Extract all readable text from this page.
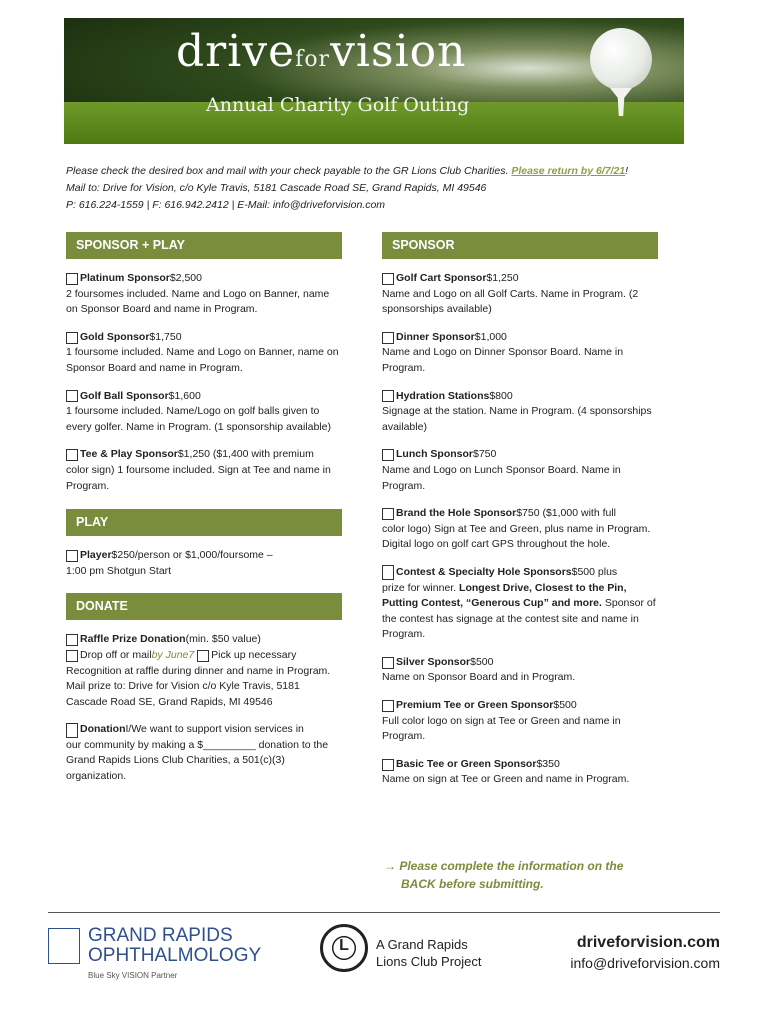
driveforvision
Annual Charity Golf Outing
Please check the desired box and mail with your check payable to the GR Lions Club Charities. Please return by 6/7/21!
Mail to: Drive for Vision, c/o Kyle Travis, 5181 Cascade Road SE, Grand Rapids, MI 49546
P: 616.224-1559 | F: 616.942.2412 | E-Mail: info@driveforvision.com
SPONSOR + PLAY
Platinum Sponsor $2,500
2 foursomes included. Name and Logo on Banner, name on Sponsor Board and name in Program.
Gold Sponsor $1,750
1 foursome included. Name and Logo on Banner, name on Sponsor Board and name in Program.
Golf Ball Sponsor $1,600
1 foursome included. Name/Logo on golf balls given to every golfer. Name in Program. (1 sponsorship available)
Tee & Play Sponsor $1,250 ($1,400 with premium
color sign) 1 foursome included. Sign at Tee and name in Program.
PLAY
Player $250/person or $1,000/foursome –
1:00 pm Shotgun Start
DONATE
Raffle Prize Donation (min. $50 value)
Drop off or mail by June7
Pick up necessary
Recognition at raffle during dinner and name in Program. Mail prize to: Drive for Vision c/o Kyle Travis, 5181 Cascade Road SE, Grand Rapids, MI 49546
Donation I/We want to support vision services in
our community by making a $_________ donation to the Grand Rapids Lions Club Charities, a 501(c)(3) organization.
SPONSOR
Golf Cart Sponsor $1,250
Name and Logo on all Golf Carts. Name in Program. (2 sponsorships available)
Dinner Sponsor $1,000
Name and Logo on Dinner Sponsor Board. Name in Program.
Hydration Stations $800
Signage at the station. Name in Program. (4 sponsorships available)
Lunch Sponsor $750
Name and Logo on Lunch Sponsor Board. Name in Program.
Brand the Hole Sponsor $750 ($1,000 with full
color logo) Sign at Tee and Green, plus name in Program. Digital logo on golf cart GPS throughout the hole.
Contest & Specialty Hole Sponsors $500 plus
prize for winner. Longest Drive, Closest to the Pin, Putting Contest, “Generous Cup” and more. Sponsor of the contest has signage at the contest site and name in Program.
Silver Sponsor $500
Name on Sponsor Board and in Program.
Premium Tee or Green Sponsor $500
Full color logo on sign at Tee or Green and name in Program.
Basic Tee or Green Sponsor $350
Name on sign at Tee or Green and name in Program.
→ Please complete the information on the
BACK before submitting.
GRAND RAPIDS
OPHTHALMOLOGY
Blue Sky VISION Partner
L	A Grand Rapids
Lions Club Project
driveforvision.com
info@driveforvision.com
